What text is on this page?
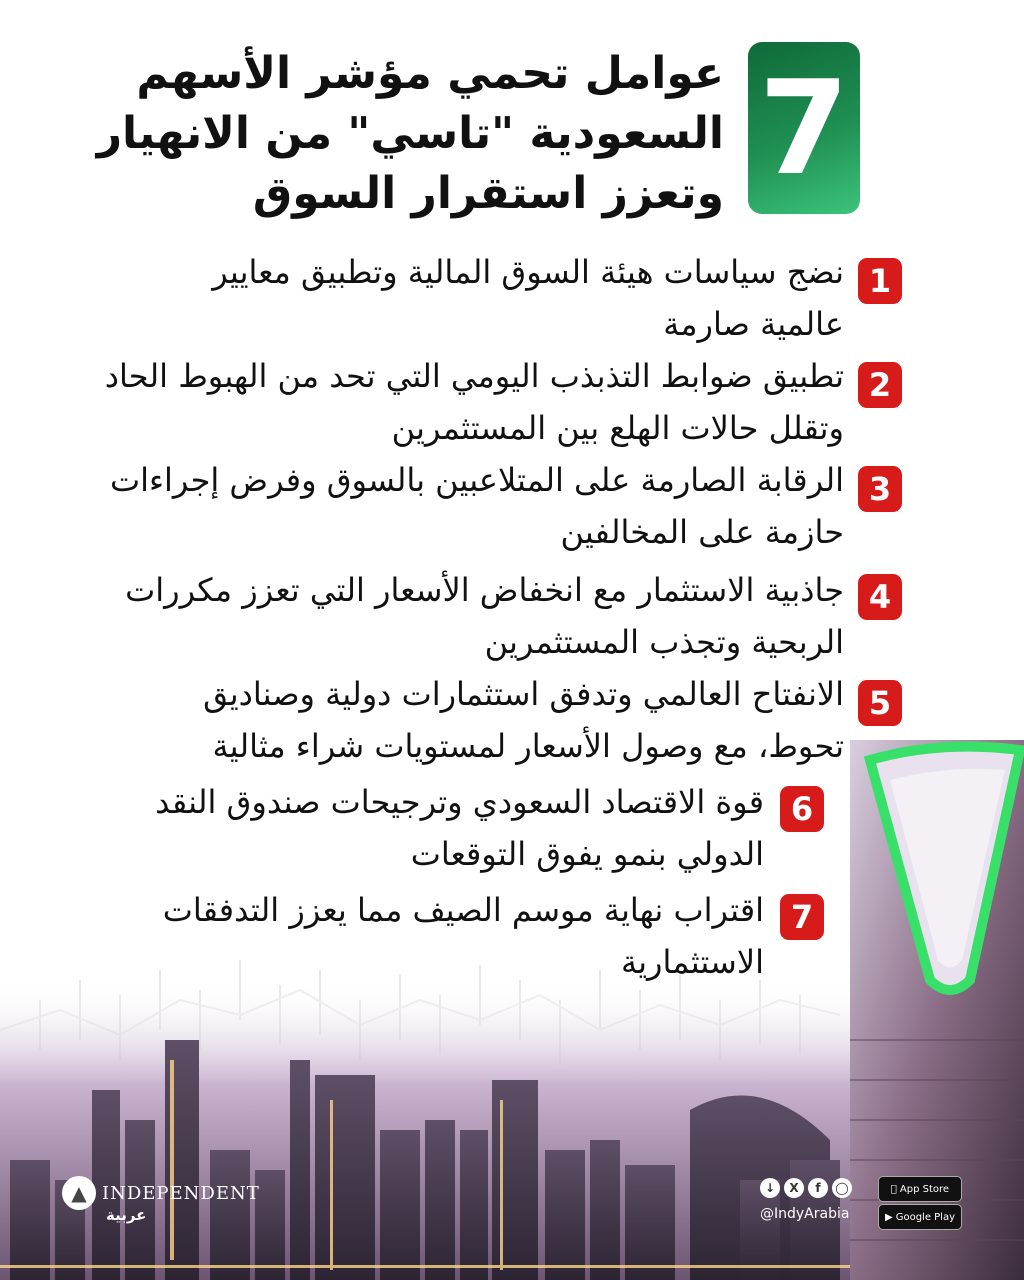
7
عوامل تحمي مؤشر الأسهم
السعودية "تاسي" من الانهيار
وتعزز استقرار السوق
1
نضج سياسات هيئة السوق المالية وتطبيق معايير عالمية صارمة
2
تطبيق ضوابط التذبذب اليومي التي تحد من الهبوط الحاد وتقلل حالات الهلع بين المستثمرين
3
الرقابة الصارمة على المتلاعبين بالسوق وفرض إجراءات حازمة على المخالفين
4
جاذبية الاستثمار مع انخفاض الأسعار التي تعزز مكررات الربحية وتجذب المستثمرين
5
الانفتاح العالمي وتدفق استثمارات دولية وصناديق تحوط، مع وصول الأسعار لمستويات شراء مثالية
6
قوة الاقتصاد السعودي وترجيحات صندوق النقد الدولي بنمو يفوق التوقعات
7
اقتراب نهاية موسم الصيف مما يعزز التدفقات الاستثمارية
▲ INDEPENDENT
عربية
↓	X	f	◯
@IndyArabia
App Store
▶ Google Play
